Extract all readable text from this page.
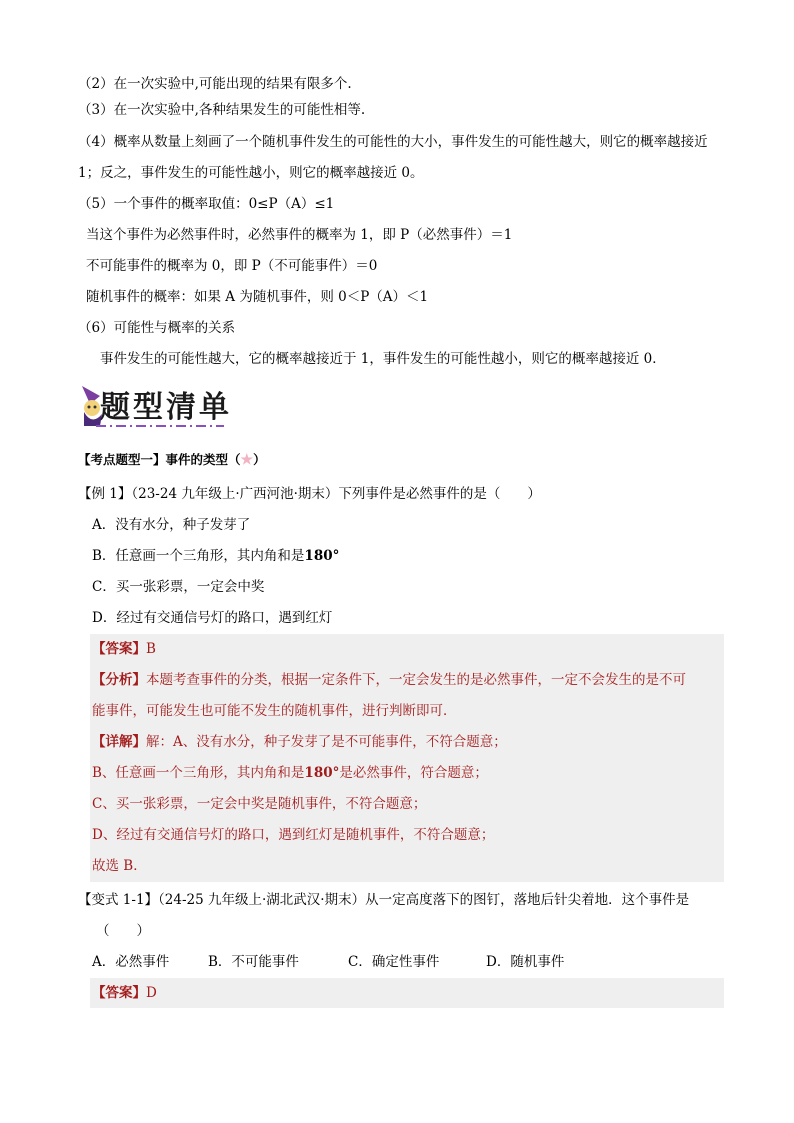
（2）在一次实验中,可能出现的结果有限多个.
（3）在一次实验中,各种结果发生的可能性相等.
（4）概率从数量上刻画了一个随机事件发生的可能性的大小，事件发生的可能性越大，则它的概率越接近
1；反之，事件发生的可能性越小，则它的概率越接近 0。
（5）一个事件的概率取值：0≤P（A）≤1
当这个事件为必然事件时，必然事件的概率为 1，即 P（必然事件）＝1
不可能事件的概率为 0，即 P（不可能事件）＝0
随机事件的概率：如果 A 为随机事件，则 0＜P（A）＜1
（6）可能性与概率的关系
事件发生的可能性越大，它的概率越接近于 1，事件发生的可能性越小，则它的概率越接近 0．
题型清单
【考点题型一】事件的类型（★）
【例 1】（23-24 九年级上·广西河池·期末）下列事件是必然事件的是（　　）
A．没有水分，种子发芽了
B．任意画一个三角形，其内角和是180°
C．买一张彩票，一定会中奖
D．经过有交通信号灯的路口，遇到红灯
【答案】B
【分析】本题考查事件的分类，根据一定条件下，一定会发生的是必然事件，一定不会发生的是不可
能事件，可能发生也可能不发生的随机事件，进行判断即可．
【详解】解：A、没有水分，种子发芽了是不可能事件，不符合题意；
B、任意画一个三角形，其内角和是180°是必然事件，符合题意；
C、买一张彩票，一定会中奖是随机事件，不符合题意；
D、经过有交通信号灯的路口，遇到红灯是随机事件，不符合题意；
故选 B．
【变式 1-1】（24-25 九年级上·湖北武汉·期末）从一定高度落下的图钉，落地后针尖着地．这个事件是
（　　）
A．必然事件	B．不可能事件	C．确定性事件	D．随机事件
【答案】D
